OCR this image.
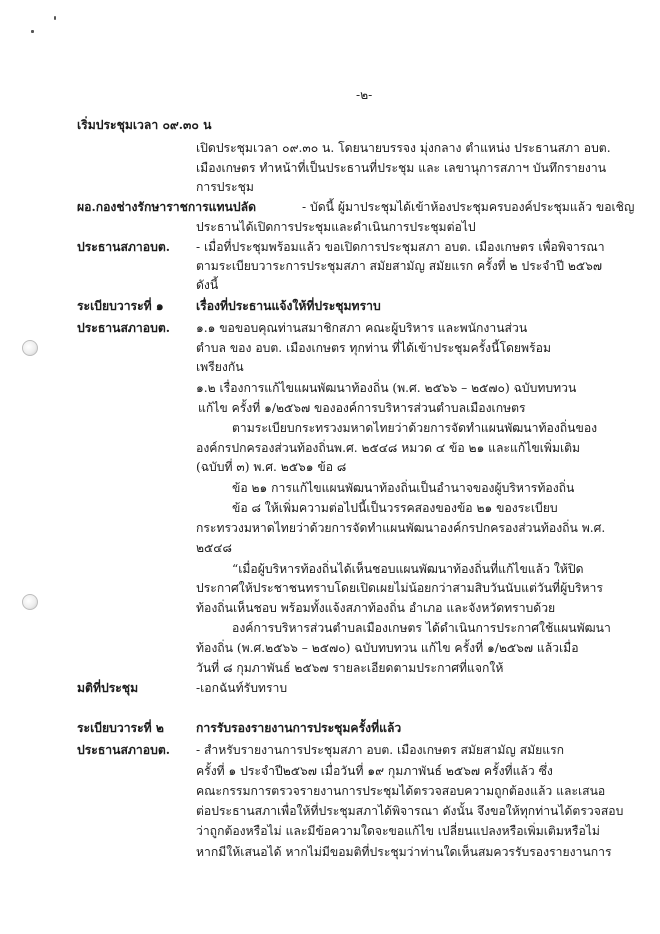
-๒-
เริ่มประชุมเวลา ๐๙.๓๐ น
เปิดประชุมเวลา ๐๙.๓๐ น. โดยนายบรรจง มุ่งกลาง ตำแหน่ง ประธานสภา อบต.
เมืองเกษตร ทำหน้าที่เป็นประธานที่ประชุม และ เลขานุการสภาฯ บันทึกรายงาน
การประชุม
ผอ.กองช่างรักษาราชการแทนปลัด	- บัดนี้ ผู้มาประชุมได้เข้าห้องประชุมครบองค์ประชุมแล้ว ขอเชิญ
ประธานได้เปิดการประชุมและดำเนินการประชุมต่อไป
ประธานสภาอบต. - เมื่อที่ประชุมพร้อมแล้ว ขอเปิดการประชุมสภา อบต. เมืองเกษตร เพื่อพิจารณา
ตามระเบียบวาระการประชุมสภา สมัยสามัญ สมัยแรก ครั้งที่ ๒ ประจำปี ๒๕๖๗
ดังนี้
ระเบียบวาระที่ ๑	เรื่องที่ประธานแจ้งให้ที่ประชุมทราบ
ประธานสภาอบต. ๑.๑ ขอขอบคุณท่านสมาชิกสภา คณะผู้บริหาร และพนักงานส่วน
ตำบล ของ อบต. เมืองเกษตร ทุกท่าน ที่ได้เข้าประชุมครั้งนี้โดยพร้อม
เพรียงกัน
๑.๒ เรื่องการแก้ไขแผนพัฒนาท้องถิ่น (พ.ศ. ๒๕๖๖ – ๒๕๗๐) ฉบับทบทวน
แก้ไข ครั้งที่ ๑/๒๕๖๗ ขององค์การบริหารส่วนตำบลเมืองเกษตร
ตามระเบียบกระทรวงมหาดไทยว่าด้วยการจัดทำแผนพัฒนาท้องถิ่นของ
องค์กรปกครองส่วนท้องถิ่นพ.ศ. ๒๕๔๘ หมวด ๔ ข้อ ๒๑ และแก้ไขเพิ่มเติม
(ฉบับที่ ๓) พ.ศ. ๒๕๖๑ ข้อ ๘
ข้อ ๒๑ การแก้ไขแผนพัฒนาท้องถิ่นเป็นอำนาจของผู้บริหารท้องถิ่น
ข้อ ๘ ให้เพิ่มความต่อไปนี้เป็นวรรคสองของข้อ ๒๑ ของระเบียบ
กระทรวงมหาดไทยว่าด้วยการจัดทำแผนพัฒนาองค์กรปกครองส่วนท้องถิ่น พ.ศ.
๒๕๔๘
“เมื่อผู้บริหารท้องถิ่นได้เห็นชอบแผนพัฒนาท้องถิ่นที่แก้ไขแล้ว ให้ปิด
ประกาศให้ประชาชนทราบโดยเปิดเผยไม่น้อยกว่าสามสิบวันนับแต่วันที่ผู้บริหาร
ท้องถิ่นเห็นชอบ พร้อมทั้งแจ้งสภาท้องถิ่น อำเภอ และจังหวัดทราบด้วย
องค์การบริหารส่วนตำบลเมืองเกษตร ได้ดำเนินการประกาศใช้แผนพัฒนา
ท้องถิ่น (พ.ศ.๒๕๖๖ – ๒๕๗๐) ฉบับทบทวน แก้ไข ครั้งที่ ๑/๒๕๖๗ แล้วเมื่อ
วันที่ ๘ กุมภาพันธ์ ๒๕๖๗ รายละเอียดตามประกาศที่แจกให้
มติที่ประชุม	-เอกฉันท์รับทราบ
ระเบียบวาระที่ ๒	การรับรองรายงานการประชุมครั้งที่แล้ว
ประธานสภาอบต. - สำหรับรายงานการประชุมสภา อบต. เมืองเกษตร สมัยสามัญ สมัยแรก
ครั้งที่ ๑ ประจำปี๒๕๖๗ เมื่อวันที่ ๑๙ กุมภาพันธ์ ๒๕๖๗ ครั้งที่แล้ว ซึ่ง
คณะกรรมการตรวจรายงานการประชุมได้ตรวจสอบความถูกต้องแล้ว และเสนอ
ต่อประธานสภาเพื่อให้ที่ประชุมสภาได้พิจารณา ดังนั้น จึงขอให้ทุกท่านได้ตรวจสอบ
ว่าถูกต้องหรือไม่ และมีข้อความใดจะขอแก้ไข เปลี่ยนแปลงหรือเพิ่มเติมหรือไม่
หากมีให้เสนอได้ หากไม่มีขอมติที่ประชุมว่าท่านใดเห็นสมควรรับรองรายงานการ
